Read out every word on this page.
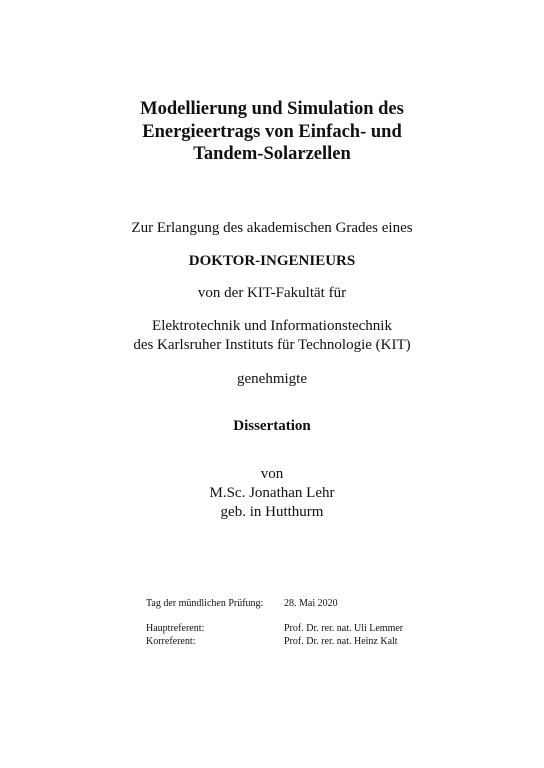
Modellierung und Simulation des
Energieertrags von Einfach- und
Tandem-Solarzellen
Zur Erlangung des akademischen Grades eines
DOKTOR-INGENIEURS
von der KIT-Fakultät für
Elektrotechnik und Informationstechnik
des Karlsruher Instituts für Technologie (KIT)
genehmigte
Dissertation
von
M.Sc. Jonathan Lehr
geb. in Hutthurm
Tag der mündlichen Prüfung: 28. Mai 2020
Hauptreferent:	Prof. Dr. rer. nat. Uli Lemmer
Korreferent:	Prof. Dr. rer. nat. Heinz Kalt
